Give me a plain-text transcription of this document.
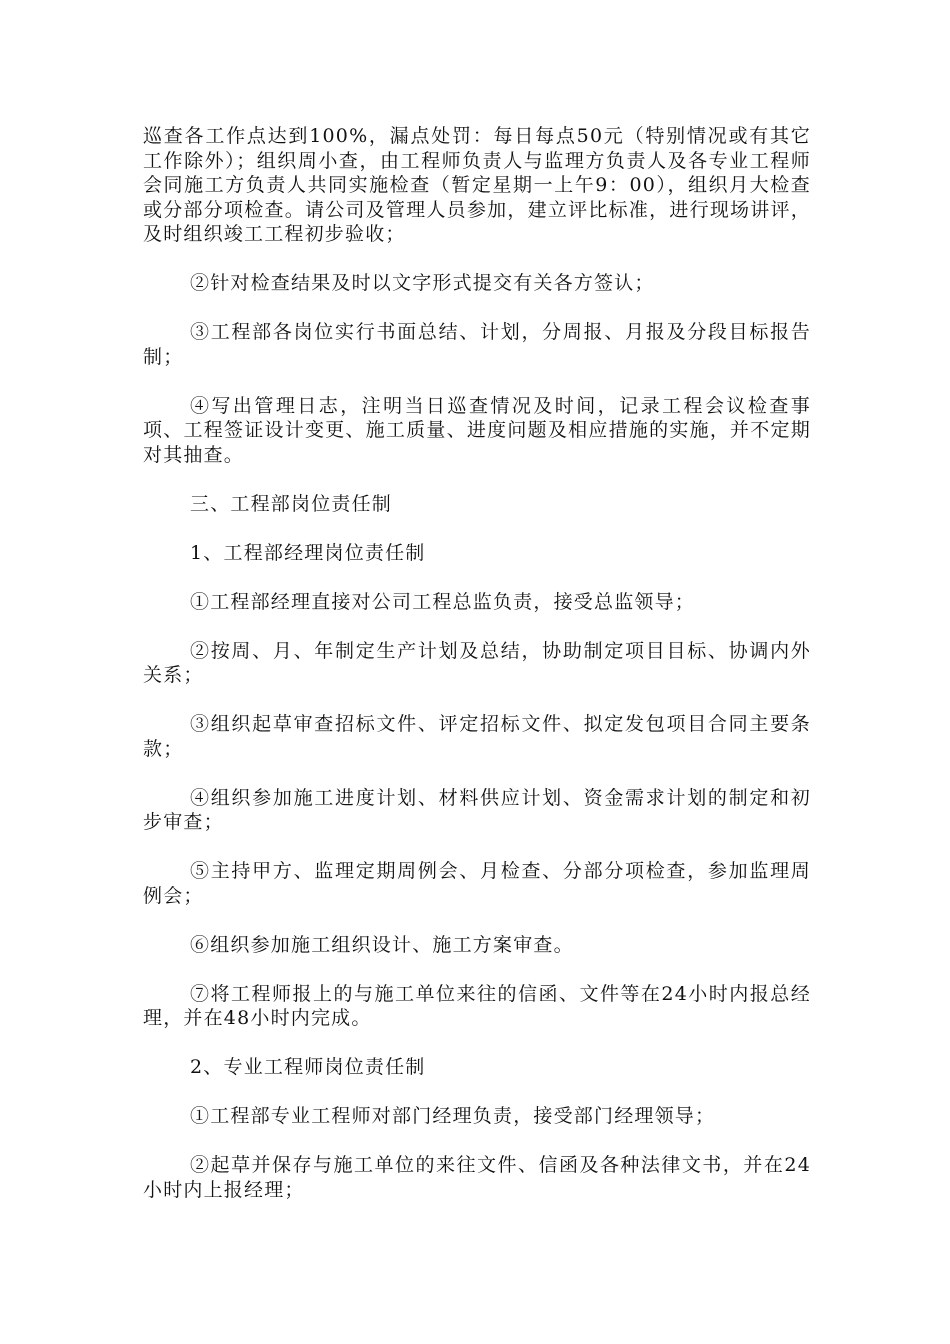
巡查各工作点达到100%，漏点处罚：每日每点50元（特别情况或有其它工作除外）；组织周小查，由工程师负责人与监理方负责人及各专业工程师会同施工方负责人共同实施检查（暂定星期一上午9：00），组织月大检查或分部分项检查。请公司及管理人员参加，建立评比标准，进行现场讲评，及时组织竣工工程初步验收；

②针对检查结果及时以文字形式提交有关各方签认；

③工程部各岗位实行书面总结、计划，分周报、月报及分段目标报告制；

④写出管理日志，注明当日巡查情况及时间，记录工程会议检查事项、工程签证设计变更、施工质量、进度问题及相应措施的实施，并不定期对其抽查。

三、工程部岗位责任制

1、工程部经理岗位责任制

①工程部经理直接对公司工程总监负责，接受总监领导；

②按周、月、年制定生产计划及总结，协助制定项目目标、协调内外关系；

③组织起草审查招标文件、评定招标文件、拟定发包项目合同主要条款；

④组织参加施工进度计划、材料供应计划、资金需求计划的制定和初步审查；

⑤主持甲方、监理定期周例会、月检查、分部分项检查，参加监理周例会；

⑥组织参加施工组织设计、施工方案审查。

⑦将工程师报上的与施工单位来往的信函、文件等在24小时内报总经理，并在48小时内完成。

2、专业工程师岗位责任制

①工程部专业工程师对部门经理负责，接受部门经理领导；

②起草并保存与施工单位的来往文件、信函及各种法律文书，并在24小时内上报经理；
